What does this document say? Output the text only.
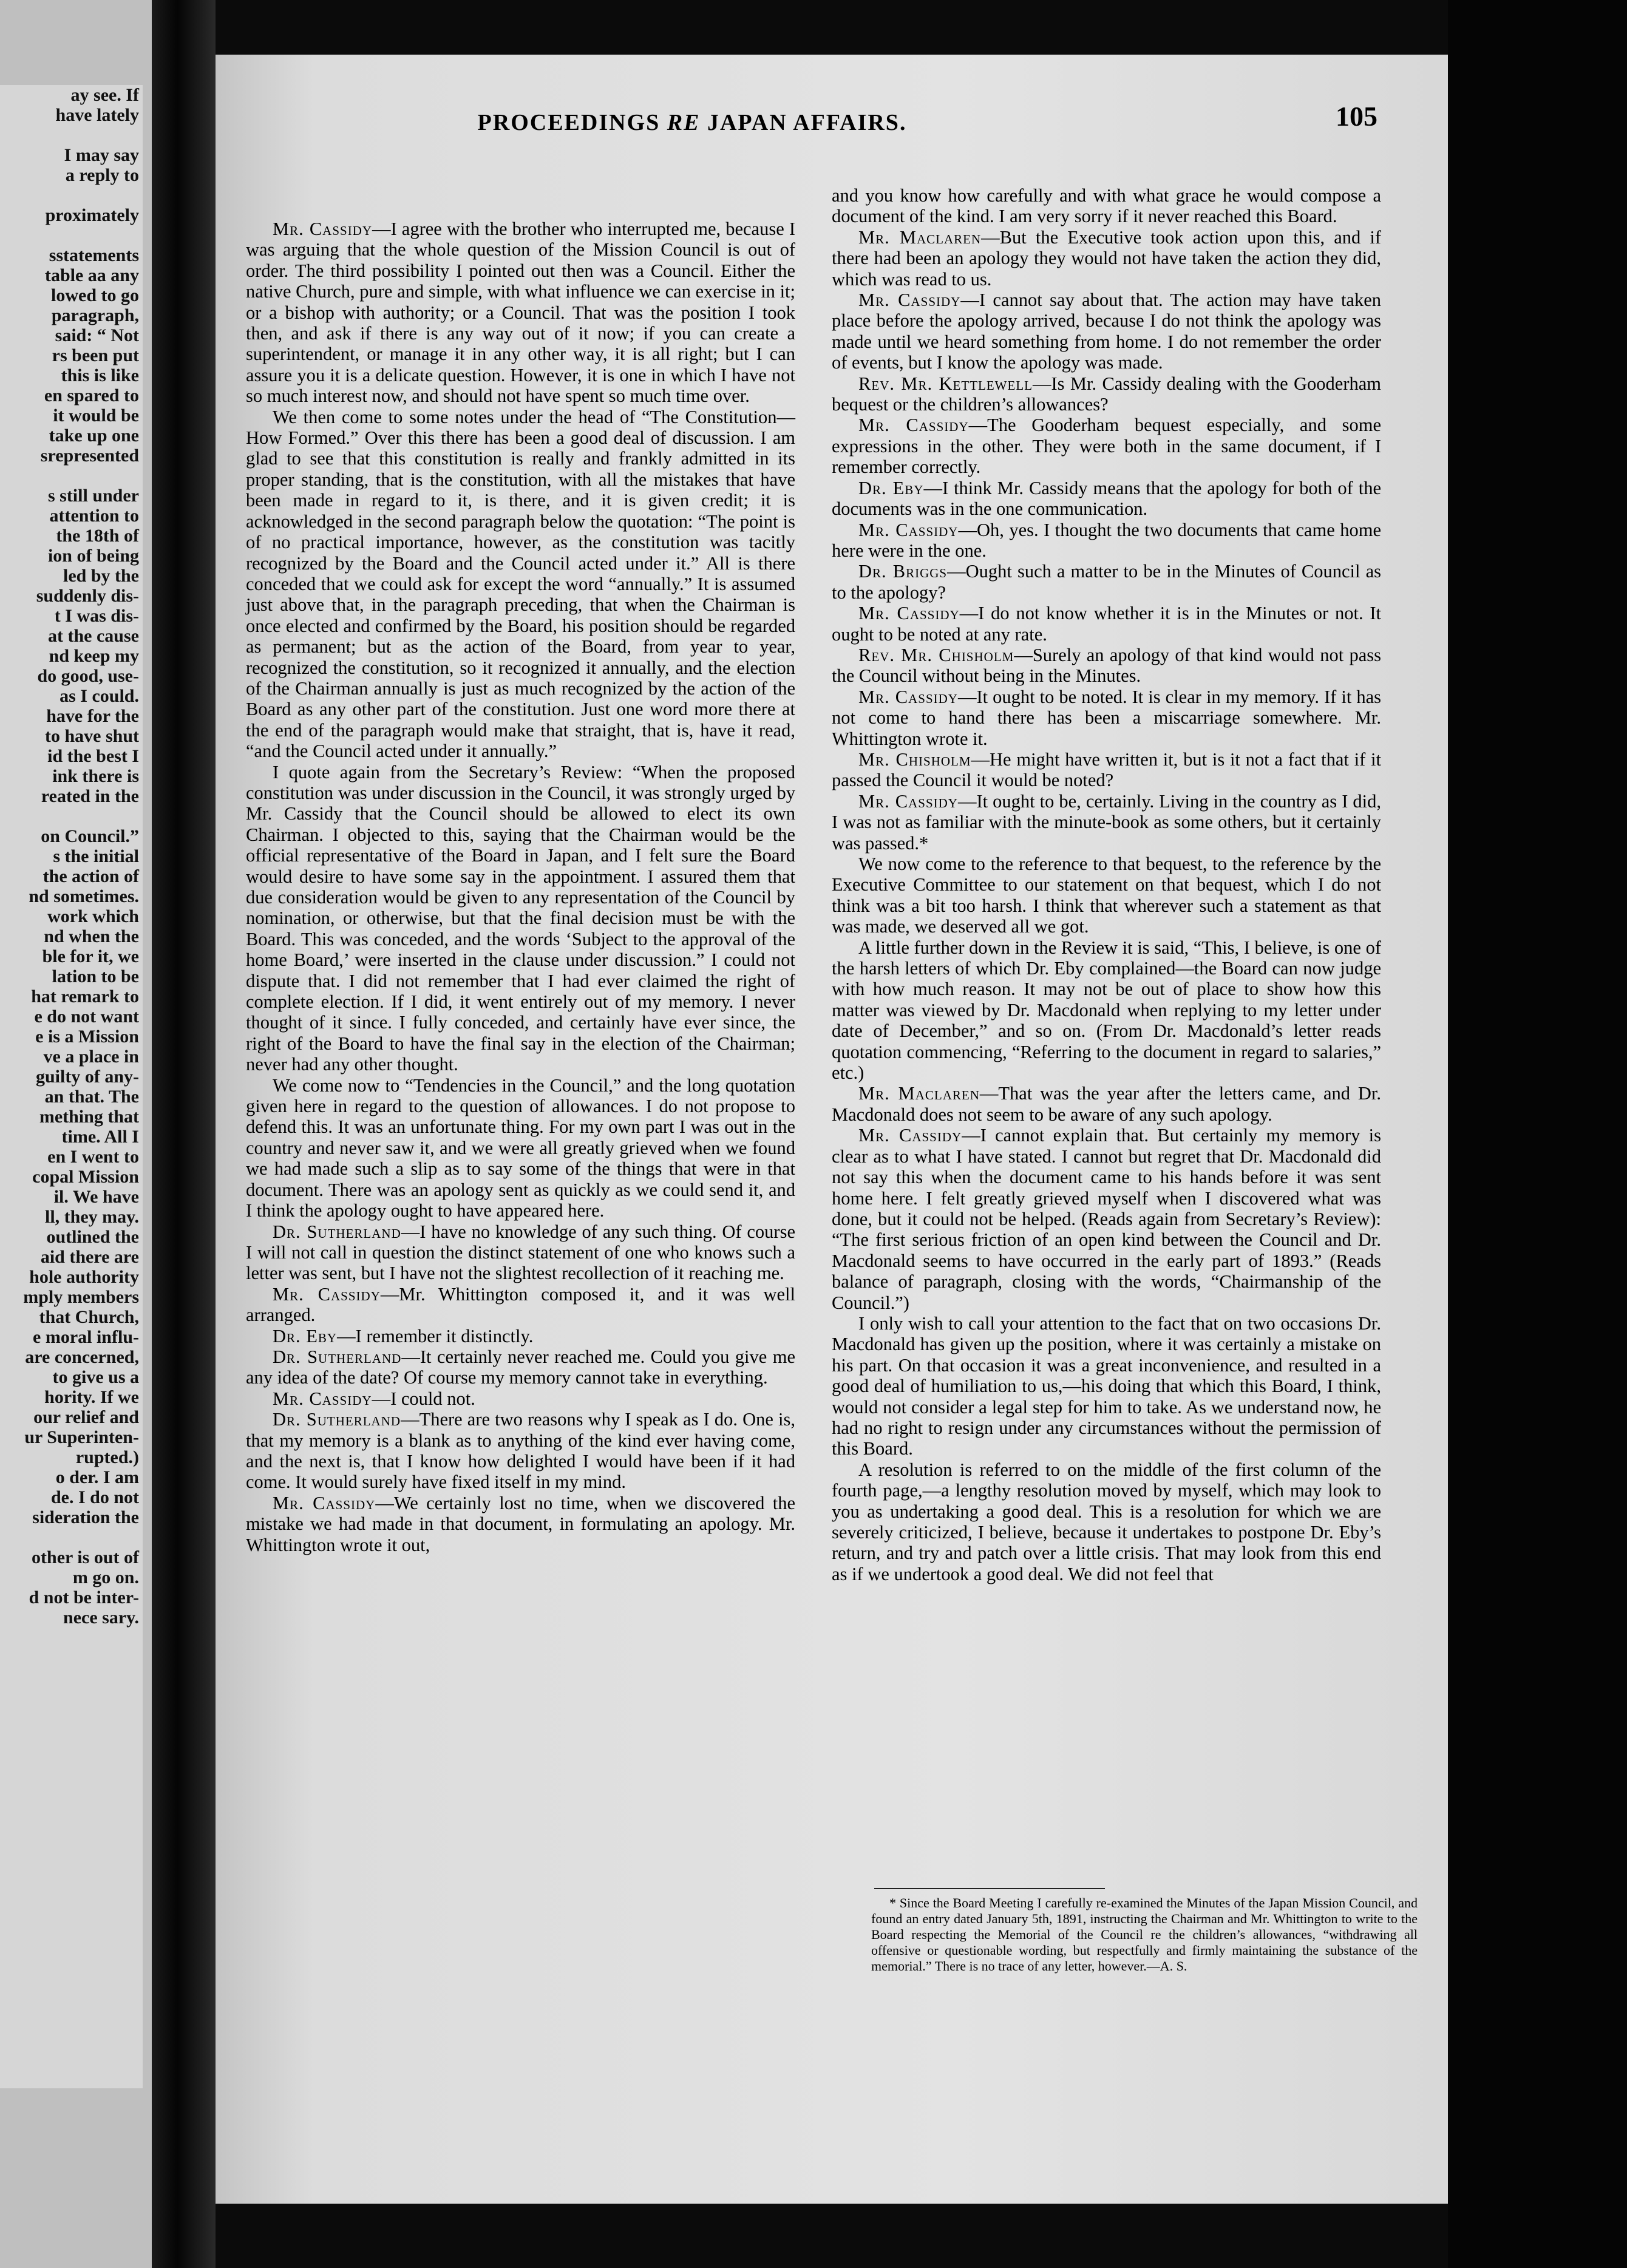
ay see. If
have lately

I may say
a reply to

proximately

sstatements
table aa any
lowed to go
paragraph,
said: “ Not
rs been put
this is like
en spared to
it would be
take up one
srepresented

s still under
attention to
the 18th of
ion of being
led by the
suddenly dis-
t I was dis-
at the cause
nd keep my
do good, use-
as I could.
have for the
to have shut
id the best I
ink there is
reated in the

on Council.”
s the initial
the action of
nd sometimes.
work which
nd when the
ble for it, we
lation to be
hat remark to
e do not want
e is a Mission
ve a place in
guilty of any-
an that. The
mething that
time. All I
en I went to
copal Mission
il. We have
ll, they may.
outlined the
aid there are
hole authority
mply members
that Church,
e moral influ-
are concerned,
to give us a
hority. If we
our relief and
ur Superinten-
rupted.)
o der. I am
de. I do not
sideration the

other is out of
m go on.
d not be inter-
nece sary.
PROCEEDINGS RE JAPAN AFFAIRS.	105

Mr. Cassidy—I agree with the brother who interrupted me, because I was arguing that the whole question of the Mission Council is out of order. The third possibility I pointed out then was a Council. Either the native Church, pure and simple, with what influence we can exercise in it; or a bishop with authority; or a Council. That was the position I took then, and ask if there is any way out of it now; if you can create a superintendent, or manage it in any other way, it is all right; but I can assure you it is a delicate question. However, it is one in which I have not so much interest now, and should not have spent so much time over.

We then come to some notes under the head of “The Constitution—How Formed.” Over this there has been a good deal of discussion. I am glad to see that this constitution is really and frankly admitted in its proper standing, that is the constitution, with all the mistakes that have been made in regard to it, is there, and it is given credit; it is acknowledged in the second paragraph below the quotation: “The point is of no practical importance, however, as the constitution was tacitly recognized by the Board and the Council acted under it.” All is there conceded that we could ask for except the word “annually.” It is assumed just above that, in the paragraph preceding, that when the Chairman is once elected and confirmed by the Board, his position should be regarded as permanent; but as the action of the Board, from year to year, recognized the constitution, so it recognized it annually, and the election of the Chairman annually is just as much recognized by the action of the Board as any other part of the constitution. Just one word more there at the end of the paragraph would make that straight, that is, have it read, “and the Council acted under it annually.”

I quote again from the Secretary’s Review: “When the proposed constitution was under discussion in the Council, it was strongly urged by Mr. Cassidy that the Council should be allowed to elect its own Chairman. I objected to this, saying that the Chairman would be the official representative of the Board in Japan, and I felt sure the Board would desire to have some say in the appointment. I assured them that due consideration would be given to any representation of the Council by nomination, or otherwise, but that the final decision must be with the Board. This was conceded, and the words ‘Subject to the approval of the home Board,’ were inserted in the clause under discussion.” I could not dispute that. I did not remember that I had ever claimed the right of complete election. If I did, it went entirely out of my memory. I never thought of it since. I fully conceded, and certainly have ever since, the right of the Board to have the final say in the election of the Chairman; never had any other thought.

We come now to “Tendencies in the Council,” and the long quotation given here in regard to the question of allowances. I do not propose to defend this. It was an unfortunate thing. For my own part I was out in the country and never saw it, and we were all greatly grieved when we found we had made such a slip as to say some of the things that were in that document. There was an apology sent as quickly as we could send it, and I think the apology ought to have appeared here.

Dr. Sutherland—I have no knowledge of any such thing. Of course I will not call in question the distinct statement of one who knows such a letter was sent, but I have not the slightest recollection of it reaching me.

Mr. Cassidy—Mr. Whittington composed it, and it was well arranged.

Dr. Eby—I remember it distinctly.

Dr. Sutherland—It certainly never reached me. Could you give me any idea of the date? Of course my memory cannot take in everything.

Mr. Cassidy—I could not.

Dr. Sutherland—There are two reasons why I speak as I do. One is, that my memory is a blank as to anything of the kind ever having come, and the next is, that I know how delighted I would have been if it had come. It would surely have fixed itself in my mind.

Mr. Cassidy—We certainly lost no time, when we discovered the mistake we had made in that document, in formulating an apology. Mr. Whittington wrote it out,

and you know how carefully and with what grace he would compose a document of the kind. I am very sorry if it never reached this Board.

Mr. Maclaren—But the Executive took action upon this, and if there had been an apology they would not have taken the action they did, which was read to us.

Mr. Cassidy—I cannot say about that. The action may have taken place before the apology arrived, because I do not think the apology was made until we heard something from home. I do not remember the order of events, but I know the apology was made.

Rev. Mr. Kettlewell—Is Mr. Cassidy dealing with the Gooderham bequest or the children’s allowances?

Mr. Cassidy—The Gooderham bequest especially, and some expressions in the other. They were both in the same document, if I remember correctly.

Dr. Eby—I think Mr. Cassidy means that the apology for both of the documents was in the one communication.

Mr. Cassidy—Oh, yes. I thought the two documents that came home here were in the one.

Dr. Briggs—Ought such a matter to be in the Minutes of Council as to the apology?

Mr. Cassidy—I do not know whether it is in the Minutes or not. It ought to be noted at any rate.

Rev. Mr. Chisholm—Surely an apology of that kind would not pass the Council without being in the Minutes.

Mr. Cassidy—It ought to be noted. It is clear in my memory. If it has not come to hand there has been a miscarriage somewhere. Mr. Whittington wrote it.

Mr. Chisholm—He might have written it, but is it not a fact that if it passed the Council it would be noted?

Mr. Cassidy—It ought to be, certainly. Living in the country as I did, I was not as familiar with the minute-book as some others, but it certainly was passed.*

We now come to the reference to that bequest, to the reference by the Executive Committee to our statement on that bequest, which I do not think was a bit too harsh. I think that wherever such a statement as that was made, we deserved all we got.

A little further down in the Review it is said, “This, I believe, is one of the harsh letters of which Dr. Eby complained—the Board can now judge with how much reason. It may not be out of place to show how this matter was viewed by Dr. Macdonald when replying to my letter under date of December,” and so on. (From Dr. Macdonald’s letter reads quotation commencing, “Referring to the document in regard to salaries,” etc.)

Mr. Maclaren—That was the year after the letters came, and Dr. Macdonald does not seem to be aware of any such apology.

Mr. Cassidy—I cannot explain that. But certainly my memory is clear as to what I have stated. I cannot but regret that Dr. Macdonald did not say this when the document came to his hands before it was sent home here. I felt greatly grieved myself when I discovered what was done, but it could not be helped. (Reads again from Secretary’s Review): “The first serious friction of an open kind between the Council and Dr. Macdonald seems to have occurred in the early part of 1893.” (Reads balance of paragraph, closing with the words, “Chairmanship of the Council.”)

I only wish to call your attention to the fact that on two occasions Dr. Macdonald has given up the position, where it was certainly a mistake on his part. On that occasion it was a great inconvenience, and resulted in a good deal of humiliation to us,—his doing that which this Board, I think, would not consider a legal step for him to take. As we understand now, he had no right to resign under any circumstances without the permission of this Board.

A resolution is referred to on the middle of the first column of the fourth page,—a lengthy resolution moved by myself, which may look to you as undertaking a good deal. This is a resolution for which we are severely criticized, I believe, because it undertakes to postpone Dr. Eby’s return, and try and patch over a little crisis. That may look from this end as if we undertook a good deal. We did not feel that

* Since the Board Meeting I carefully re-examined the Minutes of the Japan Mission Council, and found an entry dated January 5th, 1891, instructing the Chairman and Mr. Whittington to write to the Board respecting the Memorial of the Council re the children’s allowances, “withdrawing all offensive or questionable wording, but respectfully and firmly maintaining the substance of the memorial.” There is no trace of any letter, however.—A. S.
